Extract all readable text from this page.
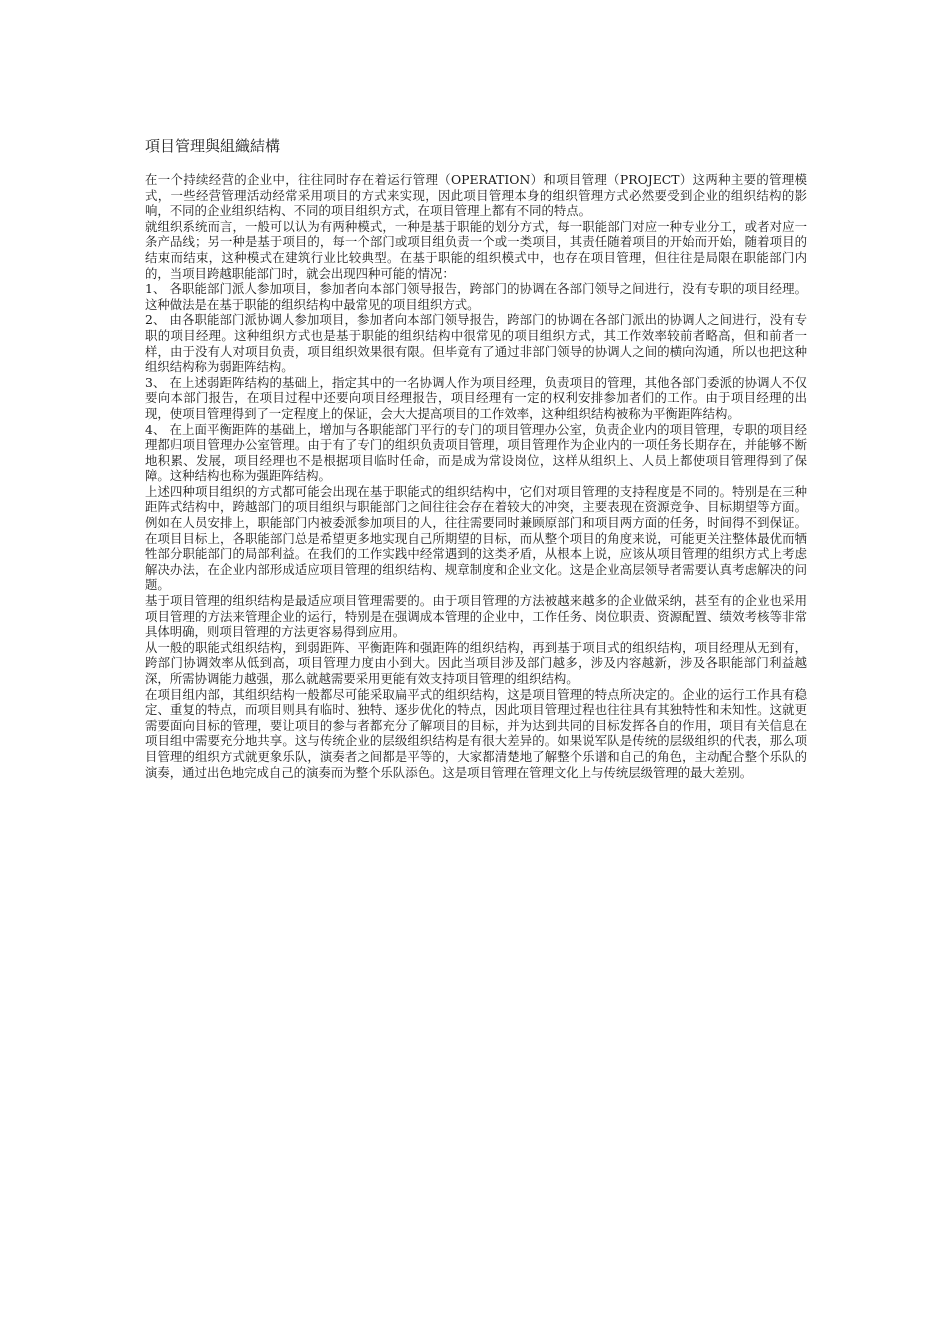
項目管理與組織結構

在一个持续经营的企业中，往往同时存在着运行管理（OPERATION）和项目管理（PROJECT）这两种主要的管理模式，一些经营管理活动经常采用项目的方式来实现，因此项目管理本身的组织管理方式必然要受到企业的组织结构的影响，不同的企业组织结构、不同的项目组织方式，在项目管理上都有不同的特点。

就组织系统而言，一般可以认为有两种模式，一种是基于职能的划分方式，每一职能部门对应一种专业分工，或者对应一条产品线；另一种是基于项目的，每一个部门或项目组负责一个或一类项目，其责任随着项目的开始而开始，随着项目的结束而结束，这种模式在建筑行业比较典型。在基于职能的组织模式中，也存在项目管理，但往往是局限在职能部门内的，当项目跨越职能部门时，就会出现四种可能的情况：

1、 各职能部门派人参加项目，参加者向本部门领导报告，跨部门的协调在各部门领导之间进行，没有专职的项目经理。这种做法是在基于职能的组织结构中最常见的项目组织方式。

2、 由各职能部门派协调人参加项目，参加者向本部门领导报告，跨部门的协调在各部门派出的协调人之间进行，没有专职的项目经理。这种组织方式也是基于职能的组织结构中很常见的项目组织方式，其工作效率较前者略高，但和前者一样，由于没有人对项目负责，项目组织效果很有限。但毕竟有了通过非部门领导的协调人之间的横向沟通，所以也把这种组织结构称为弱距阵结构。

3、 在上述弱距阵结构的基础上，指定其中的一名协调人作为项目经理，负责项目的管理，其他各部门委派的协调人不仅要向本部门报告，在项目过程中还要向项目经理报告，项目经理有一定的权利安排参加者们的工作。由于项目经理的出现，使项目管理得到了一定程度上的保证，会大大提高项目的工作效率，这种组织结构被称为平衡距阵结构。

4、 在上面平衡距阵的基础上，增加与各职能部门平行的专门的项目管理办公室，负责企业内的项目管理，专职的项目经理都归项目管理办公室管理。由于有了专门的组织负责项目管理，项目管理作为企业内的一项任务长期存在，并能够不断地积累、发展，项目经理也不是根据项目临时任命，而是成为常设岗位，这样从组织上、人员上都使项目管理得到了保障。这种结构也称为强距阵结构。

上述四种项目组织的方式都可能会出现在基于职能式的组织结构中，它们对项目管理的支持程度是不同的。特别是在三种距阵式结构中，跨越部门的项目组织与职能部门之间往往会存在着较大的冲突，主要表现在资源竞争、目标期望等方面。例如在人员安排上，职能部门内被委派参加项目的人，往往需要同时兼顾原部门和项目两方面的任务，时间得不到保证。在项目目标上，各职能部门总是希望更多地实现自己所期望的目标，而从整个项目的角度来说，可能更关注整体最优而牺牲部分职能部门的局部利益。在我们的工作实践中经常遇到的这类矛盾，从根本上说，应该从项目管理的组织方式上考虑解决办法，在企业内部形成适应项目管理的组织结构、规章制度和企业文化。这是企业高层领导者需要认真考虑解决的问题。

基于项目管理的组织结构是最适应项目管理需要的。由于项目管理的方法被越来越多的企业做采纳，甚至有的企业也采用项目管理的方法来管理企业的运行，特别是在强调成本管理的企业中，工作任务、岗位职责、资源配置、绩效考核等非常具体明确，则项目管理的方法更容易得到应用。

从一般的职能式组织结构，到弱距阵、平衡距阵和强距阵的组织结构，再到基于项目式的组织结构，项目经理从无到有，跨部门协调效率从低到高，项目管理力度由小到大。因此当项目涉及部门越多，涉及内容越新，涉及各职能部门利益越深，所需协调能力越强，那么就越需要采用更能有效支持项目管理的组织结构。

在项目组内部，其组织结构一般都尽可能采取扁平式的组织结构，这是项目管理的特点所决定的。企业的运行工作具有稳定、重复的特点，而项目则具有临时、独特、逐步优化的特点，因此项目管理过程也往往具有其独特性和未知性。这就更需要面向目标的管理，要让项目的参与者都充分了解项目的目标，并为达到共同的目标发挥各自的作用，项目有关信息在项目组中需要充分地共享。这与传统企业的层级组织结构是有很大差异的。如果说军队是传统的层级组织的代表，那么项目管理的组织方式就更象乐队，演奏者之间都是平等的，大家都清楚地了解整个乐谱和自己的角色，主动配合整个乐队的演奏，通过出色地完成自己的演奏而为整个乐队添色。这是项目管理在管理文化上与传统层级管理的最大差别。
